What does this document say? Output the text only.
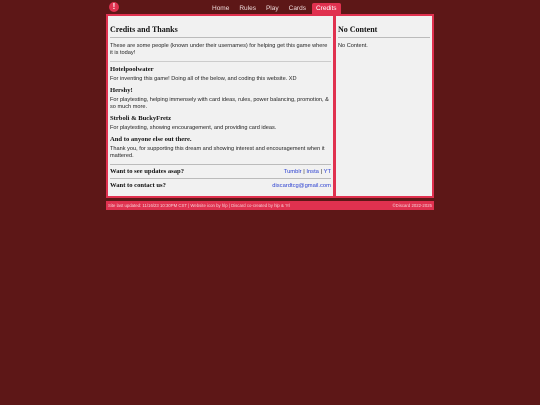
!	Home	Rules	Play	Cards	Credits
Credits and Thanks

These are some people (known under their usernames) for helping get this game where it is today!

Hotelpoolwater

For inventing this game! Doing all of the below, and coding this website. XD

Hershy!

For playtesting, helping immensely with card ideas, rules, power balancing, promotion, & so much more.

Strboli & BuckyFretz

For playtesting, showing encouragement, and providing card ideas.

And to anyone else out there.

Thank you, for supporting this dream and showing interest and encouragement when it mattered.

Want to see updates asap?	Tumblr | Insta | YT
Want to contact us?	discardtcg@gmail.com
No Content

No Content.

Site last updated: 11/16/23 10:30PM CST | Website icon by hlp | Discard co-created by hlp & ?rl	©Discard 2022-2025
